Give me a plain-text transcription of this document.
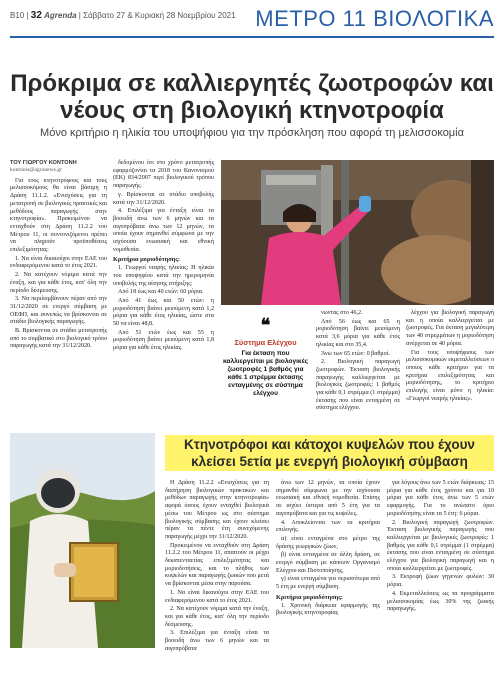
B10 | 32 Agrenda | Σάββατο 27 & Κυριακή 28 Νοεμβρίου 2021 ΜΕΤΡΟ 11 ΒΙΟΛΟΓΙΚΑ
Πρόκριμα σε καλλιεργητές ζωοτροφών και νέους στη βιολογική κτηνοτροφία
Μόνο κριτήριο η ηλικία του υποψήφιου για την πρόσκληση που αφορά τη μελισσοκομία

ΤΟΥ ΓΙΩΡΓΟΥ ΚΟΝΤΟΝΗ

kontonis@agronews.gr

Για τους κτηνοτρόφους και τους μελισσοκόμους θα είναι βάσιμη η Δράση 11.1.2. «Ενισχύσεις για τη μετατροπή σε βιολογικές πρακτικές και μεθόδους παραγωγής στην κτηνοτροφία». Προκειμένου να ενταχθούν στη Δράση 11.2.2 του Μέτρου 11, οι συντονιζόμενοι πρέπει να πληρούν προϋποθέσεις επιλεξιμότητας:

1. Να είναι δικαιούχοι στην ΕΑΕ του ενδιαφερόμενου κατά το έτος 2021.

2. Να κατέχουν νόμιμα κατά την έναξη, και για κάθε έτος, κοτ' όλη την περίοδο δέσμευσης.

3. Να περιλαμβάνουν πέραν από την 31/12/2020 σε ενεργό σύμβαση με ΟΕΦΠ, και συνεπώς να βρίσκονται σε στάδιο βιολογικής παραγωγής.

Β. Βρίσκονται σε στάδιο μετατροπής από το συμβατικό στο βιολογικό τρόπο παραγωγής κατά την 31/12/2020.

δεδομένου ότι στο χρόνο μετατροπής εφαρμόζονται τα 2018 του Κανονισμού (ΕΚ) 834/2007 περί βιολογικού τρόπου παραγωγής.

γ. Βρίσκονται σε στάδιο υποβολής κατά την 31/12/2020.

4. Επιλέξιμα για ένταξη είναι τα βοοειδή άνω των 6 μηνών και τα αιγοπρόβατα άνω των 12 μηνών, τα οποία έχουν σημανθεί σύμφωνα με την ισχύουσα ενωσιακή και εθνική νομοθεσία.

Κριτήρια μοριοδότησης:

1. Γεωργοί νεαρής ηλικίας: Η ηλικία του υποψηφίου κατά την ημερομηνία υποβολής της αίτησης στήριξης:

Από 18 έως και 40 ετών: 60 μόρια.

Από 41 έως και 50 ετών: η μοριοδότηση βαίνει μειούμενη κατά 1,2 μόρια για κάθε έτος ηλικίας, ώστε στα 50 να είναι 48,8.

Από 51 ετών έως και 55 η μοριοδότηση βαίνει μειούμενη κατά 1,8 μόρια για κάθε έτος ηλικίας.

❝
Σύστημα Ελέγχου
Για έκταση που καλλιεργείται με βιολογικές ζωοτροφές 1 βαθμός για κάθε 1 στρέμμα έκτασης ενταγμένης σε σύστημα ελέγχου

νωντας στο 46,2.

Από 56 έως και 65 η μοριοδότηση βαίνει μειούμενη κατά 3,6 μόρια για κάθε έτος ηλικίας και στο 35,4.

Άνω των 65 ετών: 0 βαθμοί.

2. Βιολογική παραγωγή ζωοτροφών. Έκταση βιολογικής παραγωγής καλλιεργείται με βιολογικές ζωοτροφές: 1 βαθμός για κάθε 0,1 στρέμμα (1 στρέμμα) έκτασης που είναι ενταγμένη σε σύστημα ελέγχου.

λέγχου για βιολογική παραγωγή και η οποία καλλιεργείται με ζωοτροφές. Για έκταση μεγαλύτερη των 40 στρεμμάτων η μοριοδότηση ανέρχεται σε 40 μόρια.

Για τους υποψήφιους των μελισσοκομικών εκμεταλλεύσεων ο οποίος κάθε κριτήριο για τα κριτήρια επιλεξιμότητας και μοριοδότησης, το κριτήριο επιλογής είναι μόνο η ηλικία: «Γεωργοί νεαρής ηλικίας».

Κτηνοτρόφοι και κάτοχοι κυψελών που έχουν κλείσει 5ετία με ενεργή βιολογική σύμβαση

Η Δράση 11.2.2 «Ενισχύσεις για τη διατήρηση βιολογικών πρακτικών και μεθόδων παραγωγής στην κτηνοτροφία» αφορά όσους έχουν ενταχθεί βιολογικά μέσω του Μέτρου ως στο σύστημα βιολογικής σύμβασης και έχουν κλείσει πέραν τα πέντε έτη συνεχόμενης παραγωγής μέχρι την 31/12/2020.

Προκειμένου να ενταχθούν στη Δράση 11.2.2 του Μέτρου 11, απαιτούν οι μέχρι δεκαπενταετίας επιλεξιμότητας και μοριοδοτήσεις, και το πλήθος των κυψελών και παραγωγής ζωικών που μετά να βρίσκονται μέσα στην παρούσα.

1. Να είναι δικαιούχοι στην ΕΑΕ του ενδιαφερόμενου κατά το έτος 2021.

2. Να κατέχουν νόμιμα κατά την έναξη, και για κάθε έτος, κατ' όλη την περίοδο δέσμευσης.

3. Επιλέξιμα για ένταξη είναι τα βοοειδή άνω των 6 μηνών και τα αιγοπρόβατα

άνω των 12 μηνών, τα οποία έχουν σημανθεί σύμφωνα με την ισχύουσα ενωσιακή και εθνική νομοθεσία. Επίσης σε ισχύει ύστερα από 5 έτη για τα αιγοπρόβατα και για τις κυψέλες.

4. Αποκλείονται των τα κριτήρια επιλογής.

α) είναι ενταγμένα στο μέτρο της δράσης γεωργικών ζώων,

β) είναι ενταγμένα σε άλλη δράση, σε ενεργό σύμβαση με κάποιον Οργανισμό Ελέγχου και Πιστοποίησης,

γ) είναι ενταγμένα για περισσότερα από 5 έτη με ενεργή σύμβαση.

Κριτήρια μοριοδότησης:

1. Χρονική διάρκεια εφαρμογής της βιολογικής κτηνοτροφίας

για λόγους άνω των 5 ετών διάρκειας: 15 μόρια για κάθε έτος χρόνου και για 10 μόρια για κάθε έτος άνω των 5 ετών εφαρμογής. Για το ανώτατο όριο μοριοδότησης είναι τα 5 έτη: 6 μόρια.

2. Βιολογική παραγωγή ζωοτροφών. Έκταση βιολογικής παραγωγής που καλλιεργείται με βιολογικές ζωοτροφές: 1 βαθμός για κάθε 0,1 στρέμμα (1 στρέμμα) έκτασης που είναι ενταγμένη σε σύστημα ελέγχου για βιολογική παραγωγή και η οποία καλλιεργείται με ζωοτροφές.

3. Εκτροφή ζώων γηγενών φυλών: 30 μόρια.

4. Εκμεταλλεύσεις ως τα προγράμματα μελισσοκομίας έως 30% της ζωικής παραγωγής.
